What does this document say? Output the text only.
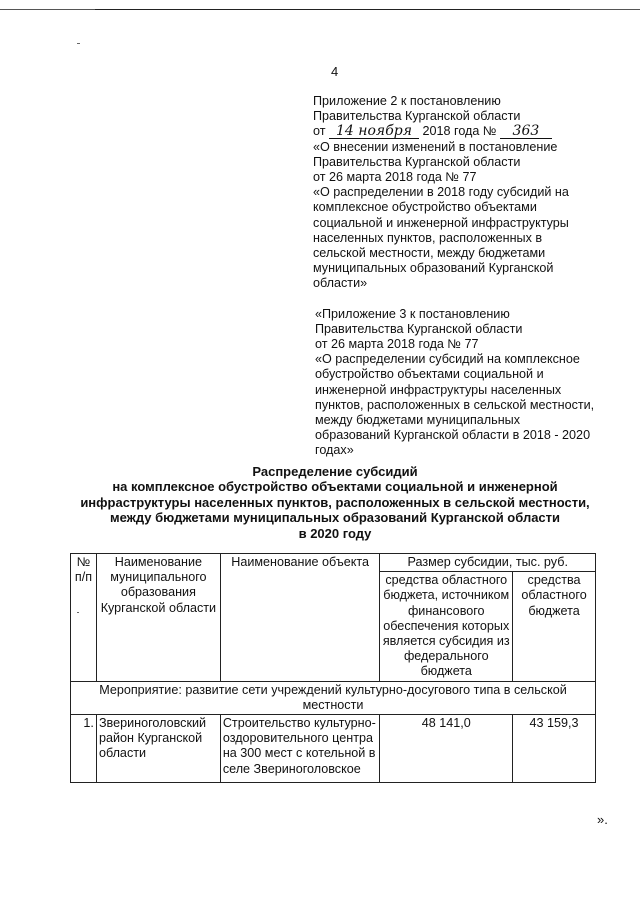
4
Приложение 2 к постановлению
Правительства Курганской области
от 14 ноября 2018 года № 363
«О внесении изменений в постановление
Правительства Курганской области
от 26 марта 2018 года № 77
«О распределении в 2018 году субсидий на
комплексное обустройство объектами
социальной и инженерной инфраструктуры
населенных пунктов, расположенных в
сельской местности, между бюджетами
муниципальных образований Курганской
области»
«Приложение 3 к постановлению
Правительства Курганской области
от 26 марта 2018 года № 77
«О распределении субсидий на комплексное
обустройство объектами социальной и
инженерной инфраструктуры населенных
пунктов, расположенных в сельской местности,
между бюджетами муниципальных
образований Курганской области в 2018 - 2020
годах»
Распределение субсидий
на комплексное обустройство объектами социальной и инженерной
инфраструктуры населенных пунктов, расположенных в сельской местности,
между бюджетами муниципальных образований Курганской области
в 2020 году
№ п/п	Наименование муниципального образования Курганской области	Наименование объекта	Размер субсидии, тыс. руб.	
			средства областного бюджета, источником финансового обеспечения которых является субсидия из федерального бюджета	средства областного бюджета
Мероприятие: развитие сети учреждений культурно-досугового типа в сельской местности				
1.	Звериноголовский район Курганской области	Строительство культурно-оздоровительного центра на 300 мест с котельной в селе Звериноголовское	48 141,0	43 159,3
».
